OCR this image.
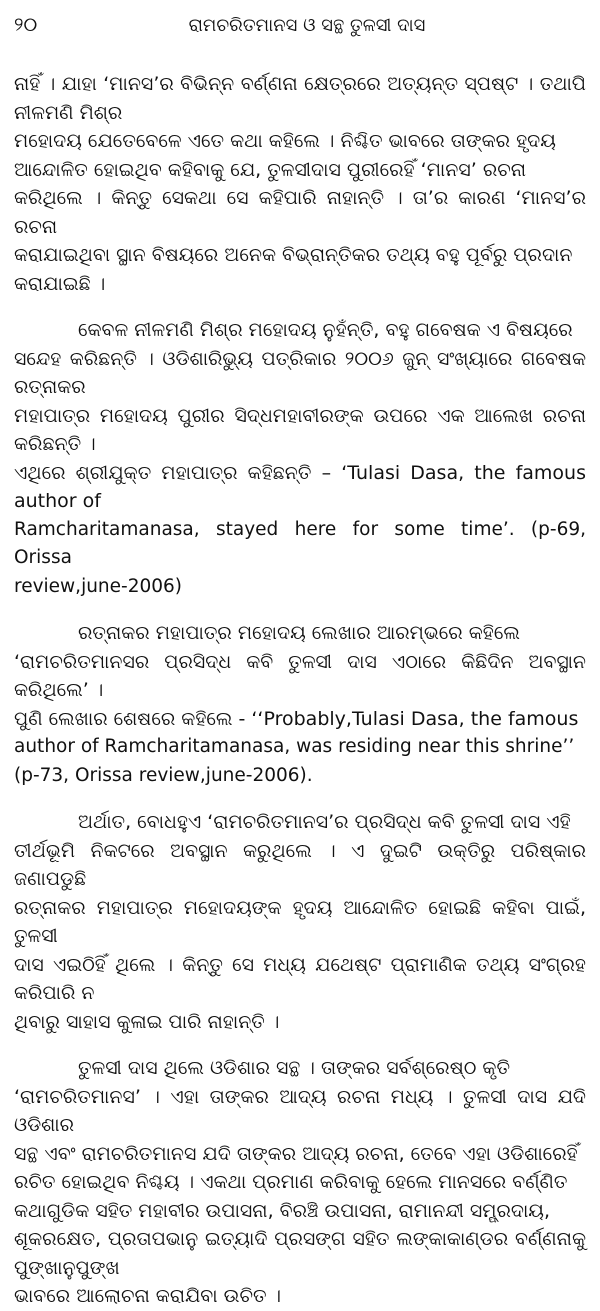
୨୦	ରାମଚରିତମାନସ ଓ ସନ୍ଥ ତୁଳସୀ ଦାସ

ନାହିଁ । ଯାହା ‘ମାନସ’ର ବିଭିନ୍ନ ବର୍ଣ୍ଣନା କ୍ଷେତ୍ରରେ ଅତ୍ୟନ୍ତ ସ୍ପଷ୍ଟ । ତଥାପି ନୀଳମଣି ମିଶ୍ର
ମହୋଦୟ ଯେତେବେଳେ ଏତେ କଥା କହିଲେ । ନିଶ୍ଚିତ ଭାବରେ ତାଙ୍କର ହୃଦୟ
ଆନ୍ଦୋଳିତ ହୋଇଥିବ କହିବାକୁ ଯେ, ତୁଳସୀଦାସ ପୁରୀରେହିଁ ‘ମାନସ’ ରଚନା
କରିଥିଲେ । କିନ୍ତୁ ସେକଥା ସେ କହିପାରି ନାହାନ୍ତି । ତା’ର କାରଣ ‘ମାନସ’ର ରଚନା
କରାଯାଇଥିବା ସ୍ଥାନ ବିଷୟରେ ଅନେକ ବିଭ୍ରାନ୍ତିକର ତଥ୍ୟ ବହୁ ପୂର୍ବରୁ ପ୍ରଦାନ
କରାଯାଇଛି ।

କେବଳ ନୀଳମଣି ମିଶ୍ର ମହୋଦୟ ନୁହଁନ୍ତି, ବହୁ ଗବେଷକ ଏ ବିଷୟରେ
ସନ୍ଦେହ କରିଛନ୍ତି । ଓଡିଶାରିଭ୍ୟୁ ପତ୍ରିକାର ୨୦୦୬ ଜୁନ୍ ସଂଖ୍ୟାରେ ଗବେଷକ ରତ୍ନାକର
ମହାପାତ୍ର ମହୋଦୟ ପୁରୀର ସିଦ୍ଧମହାବୀରଙ୍କ ଉପରେ ଏକ ଆଲେଖ ରଚନା କରିଛନ୍ତି ।
ଏଥିରେ ଶ୍ରୀଯୁକ୍ତ ମହାପାତ୍ର କହିଛନ୍ତି – ‘Tulasi Dasa, the famous author of
Ramcharitamanasa, stayed here for some time’. (p-69, Orissa
review,june-2006)

ରତ୍ନାକର ମହାପାତ୍ର ମହୋଦୟ ଲେଖାର ଆରମ୍ଭରେ କହିଲେ
‘ରାମଚରିତମାନସର ପ୍ରସିଦ୍ଧ କବି ତୁଳସୀ ଦାସ ଏଠାରେ କିଛିଦିନ ଅବସ୍ଥାନ କରିଥିଲେ’ ।
ପୁଣି ଲେଖାର ଶେଷରେ କହିଲେ - ‘‘Probably,Tulasi Dasa, the famous
author of Ramcharitamanasa, was residing near this shrine’’
(p-73, Orissa review,june-2006).

ଅର୍ଥାତ, ବୋଧହୁଏ ‘ରାମଚରିତମାନସ’ର ପ୍ରସିଦ୍ଧ କବି ତୁଳସୀ ଦାସ ଏହି
ତୀର୍ଥଭୂମି ନିକଟରେ ଅବସ୍ଥାନ କରୁଥିଲେ । ଏ ଦୁଇଟି ଉକ୍ତିରୁ ପରିଷ୍କାର ଜଣାପଡୁଛି
ରତ୍ନାକର ମହାପାତ୍ର ମହୋଦୟଙ୍କ ହୃଦୟ ଆନ୍ଦୋଳିତ ହୋଇଛି କହିବା ପାଇଁ, ତୁଳସୀ
ଦାସ ଏଇଠିହିଁ ଥିଲେ । କିନ୍ତୁ ସେ ମଧ୍ୟ ଯଥେଷ୍ଟ ପ୍ରାମାଣିକ ତଥ୍ୟ ସଂଗ୍ରହ କରିପାରି ନ
ଥିବାରୁ ସାହାସ କୁଳାଇ ପାରି ନାହାନ୍ତି ।

ତୁଳସୀ ଦାସ ଥିଲେ ଓଡିଶାର ସନ୍ଥ । ତାଙ୍କର ସର୍ବଶ୍ରେଷ୍ଠ କୃତି
‘ରାମଚରିତମାନସ’ । ଏହା ତାଙ୍କର ଆଦ୍ୟ ରଚନା ମଧ୍ୟ । ତୁଳସୀ ଦାସ ଯଦି ଓଡିଶାର
ସନ୍ଥ ଏବଂ ରାମଚରିତମାନସ ଯଦି ତାଙ୍କର ଆଦ୍ୟ ରଚନା, ତେବେ ଏହା ଓଡିଶାରେହିଁ
ରଚିତ ହୋଇଥିବ ନିଶ୍ଚୟ । ଏକଥା ପ୍ରମାଣ କରିବାକୁ ହେଲେ ମାନସରେ ବର୍ଣ୍ଣିତ
କଥାଗୁଡିକ ସହିତ ମହାବୀର ଉପାସନା, ବିରଞ୍ଚି ଉପାସନା, ରାମାନନ୍ଦୀ ସମ୍ପ୍ରଦାୟ,
ଶୂକରକ୍ଷେତ, ପ୍ରତାପଭାନୁ ଇତ୍ୟାଦି ପ୍ରସଙ୍ଗ ସହିତ ଲଙ୍କାକାଣ୍ଡର ବର୍ଣ୍ଣନାକୁ ପୁଙ୍ଖାନୁପୁଙ୍ଖ
ଭାବରେ ଆଲୋଚନା କରାଯିବା ଉଚିତ ।
